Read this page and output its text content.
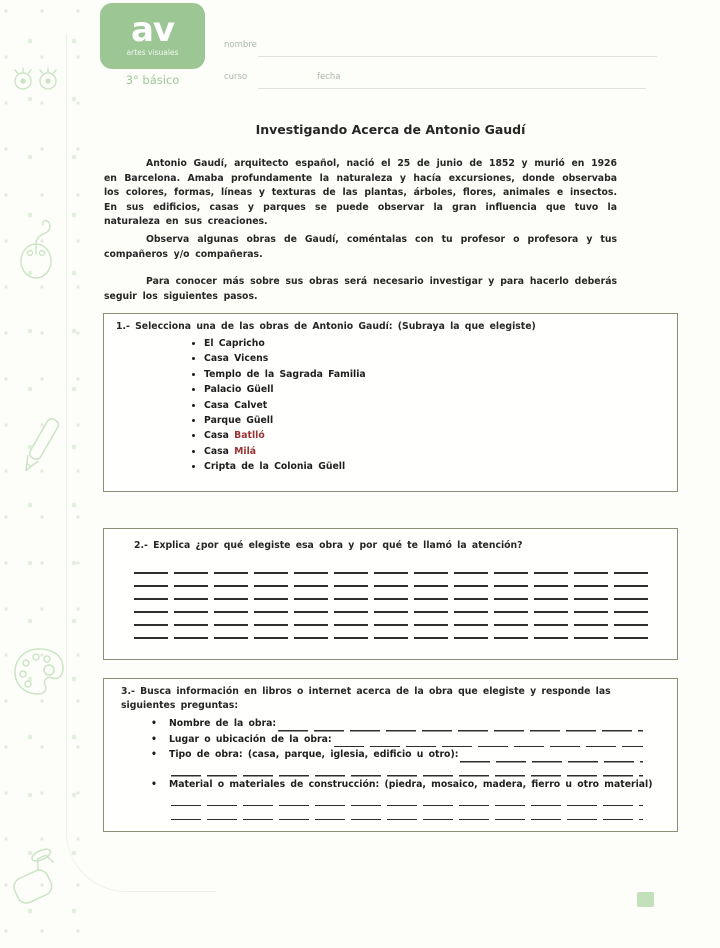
av
artes visuales
3° básico
nombre
curso	fecha
Investigando Acerca de Antonio Gaudí

Antonio Gaudí, arquitecto español, nació el 25 de junio de 1852 y murió en 1926 en Barcelona. Amaba profundamente la naturaleza y hacía excursiones, donde observaba los colores, formas, líneas y texturas de las plantas, árboles, flores, animales e insectos. En sus edificios, casas y parques se puede observar la gran influencia que tuvo la naturaleza en sus creaciones.

Observa algunas obras de Gaudí, coméntalas con tu profesor o profesora y tus compañeros y/o compañeras.

Para conocer más sobre sus obras será necesario investigar y para hacerlo deberás seguir los siguientes pasos.

1.- Selecciona una de las obras de Antonio Gaudí: (Subraya la que elegiste)
• El Capricho
• Casa Vicens
• Templo de la Sagrada Familia
• Palacio Güell
• Casa Calvet
• Parque Güell
• Casa Batlló
• Casa Milá
• Cripta de la Colonia Güell
2.- Explica ¿por qué elegiste esa obra y por qué te llamó la atención?
3.- Busca información en libros o internet acerca de la obra que elegiste y responde las siguientes preguntas:
•	Nombre de la obra:
•	Lugar o ubicación de la obra:
•	Tipo de obra: (casa, parque, iglesia, edificio u otro):
•	Material o materiales de construcción: (piedra, mosaico, madera, fierro u otro material)
